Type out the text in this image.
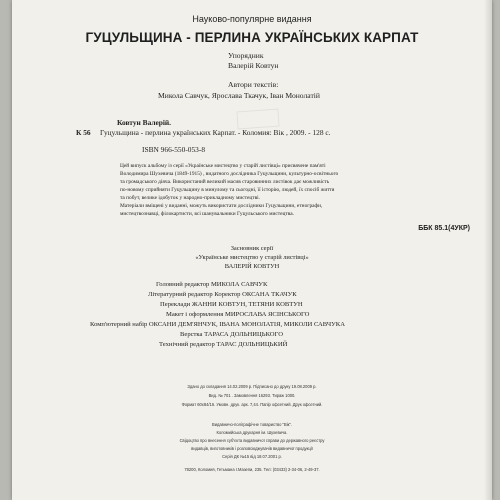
Науково-популярне видання
ГУЦУЛЬЩИНА - ПЕРЛИНА УКРАЇНСЬКИХ КАРПАТ
Упорядник
Валерій Ковтун
Автори текстів:
Микола Савчук, Ярослава Ткачук, Іван Монолатій
Ковтун Валерій.
К 56 Гуцульщина - перлина українських Карпат. - Коломия: Вік , 2009. - 128 с.
ISBN 966-550-053-8
Цей випуск альбому із серії «Українське мистецтво у старій листівці» присвячене пам'яті
Володимира Шухевича (1849-1915) , видатного дослідника Гуцульщини, культурно-освітнього
та громадського діяча. Використаний великий масив старовинних листівок дає можливість
по-новому сприйняти Гуцульщину в минулому та сьогодні, її історію, людей, їх спосіб життя
та побут, велике ідобуток у народно-прикладному мистецтві.
Матеріали вміщені у виданні, можуть використати дослідники Гуцульщини, етнографи,
мистецтвознавці, філокартисти, всі шанувальники Гуцульського мистецтва.
ББК 85.1(4УКР)
Засновник серії
«Українське мистецтво у старій листівці»
ВАЛЕРІЙ КОВТУН
Головний редактор МИКОЛА САВЧУК
Літературний редактор Коректор ОКСАНА ТКАЧУК
Переклади ЖАННИ КОВТУН, ТЕТЯНИ КОВТУН
Макет і оформлення МИРОСЛАВА ЯСІНСЬКОГО
Комп'ютерний набір ОКСАНИ ДЕМ'ЯНЧУК, ІВАНА МОНОЛАТІЯ, МИКОЛИ САВЧУКА
Верстка ТАРАСА ДОЛЬНИЦЬКОГО
Технічний редактор ТАРАС ДОЛЬНИЦЬКИЙ
Здано до складання 14.02.2009 р. Підписано до друку 19.08.2009 р.
Вид. № 701 . Замовлення 16293. Тираж 1000.
Формат 60х84/16. Умовн. друк. арк. 7,44. Папір офсетний. Друк офсетний.
Видавничо-поліграфічне товариство "Вік".
Коломийська друкарня ім. Шухевича.
Свідоцтво про внесення суб'єкта видавничої справи до державного реєстру
видавців, виготовників і розповсюджувачів видавничої продукції
Серія ДК №15 від 18.07.2001 р.
78200, Коломия, Гетьмана І.Мазепи, 235. Тел: (03433) 2-34-06, 2-49-37.
